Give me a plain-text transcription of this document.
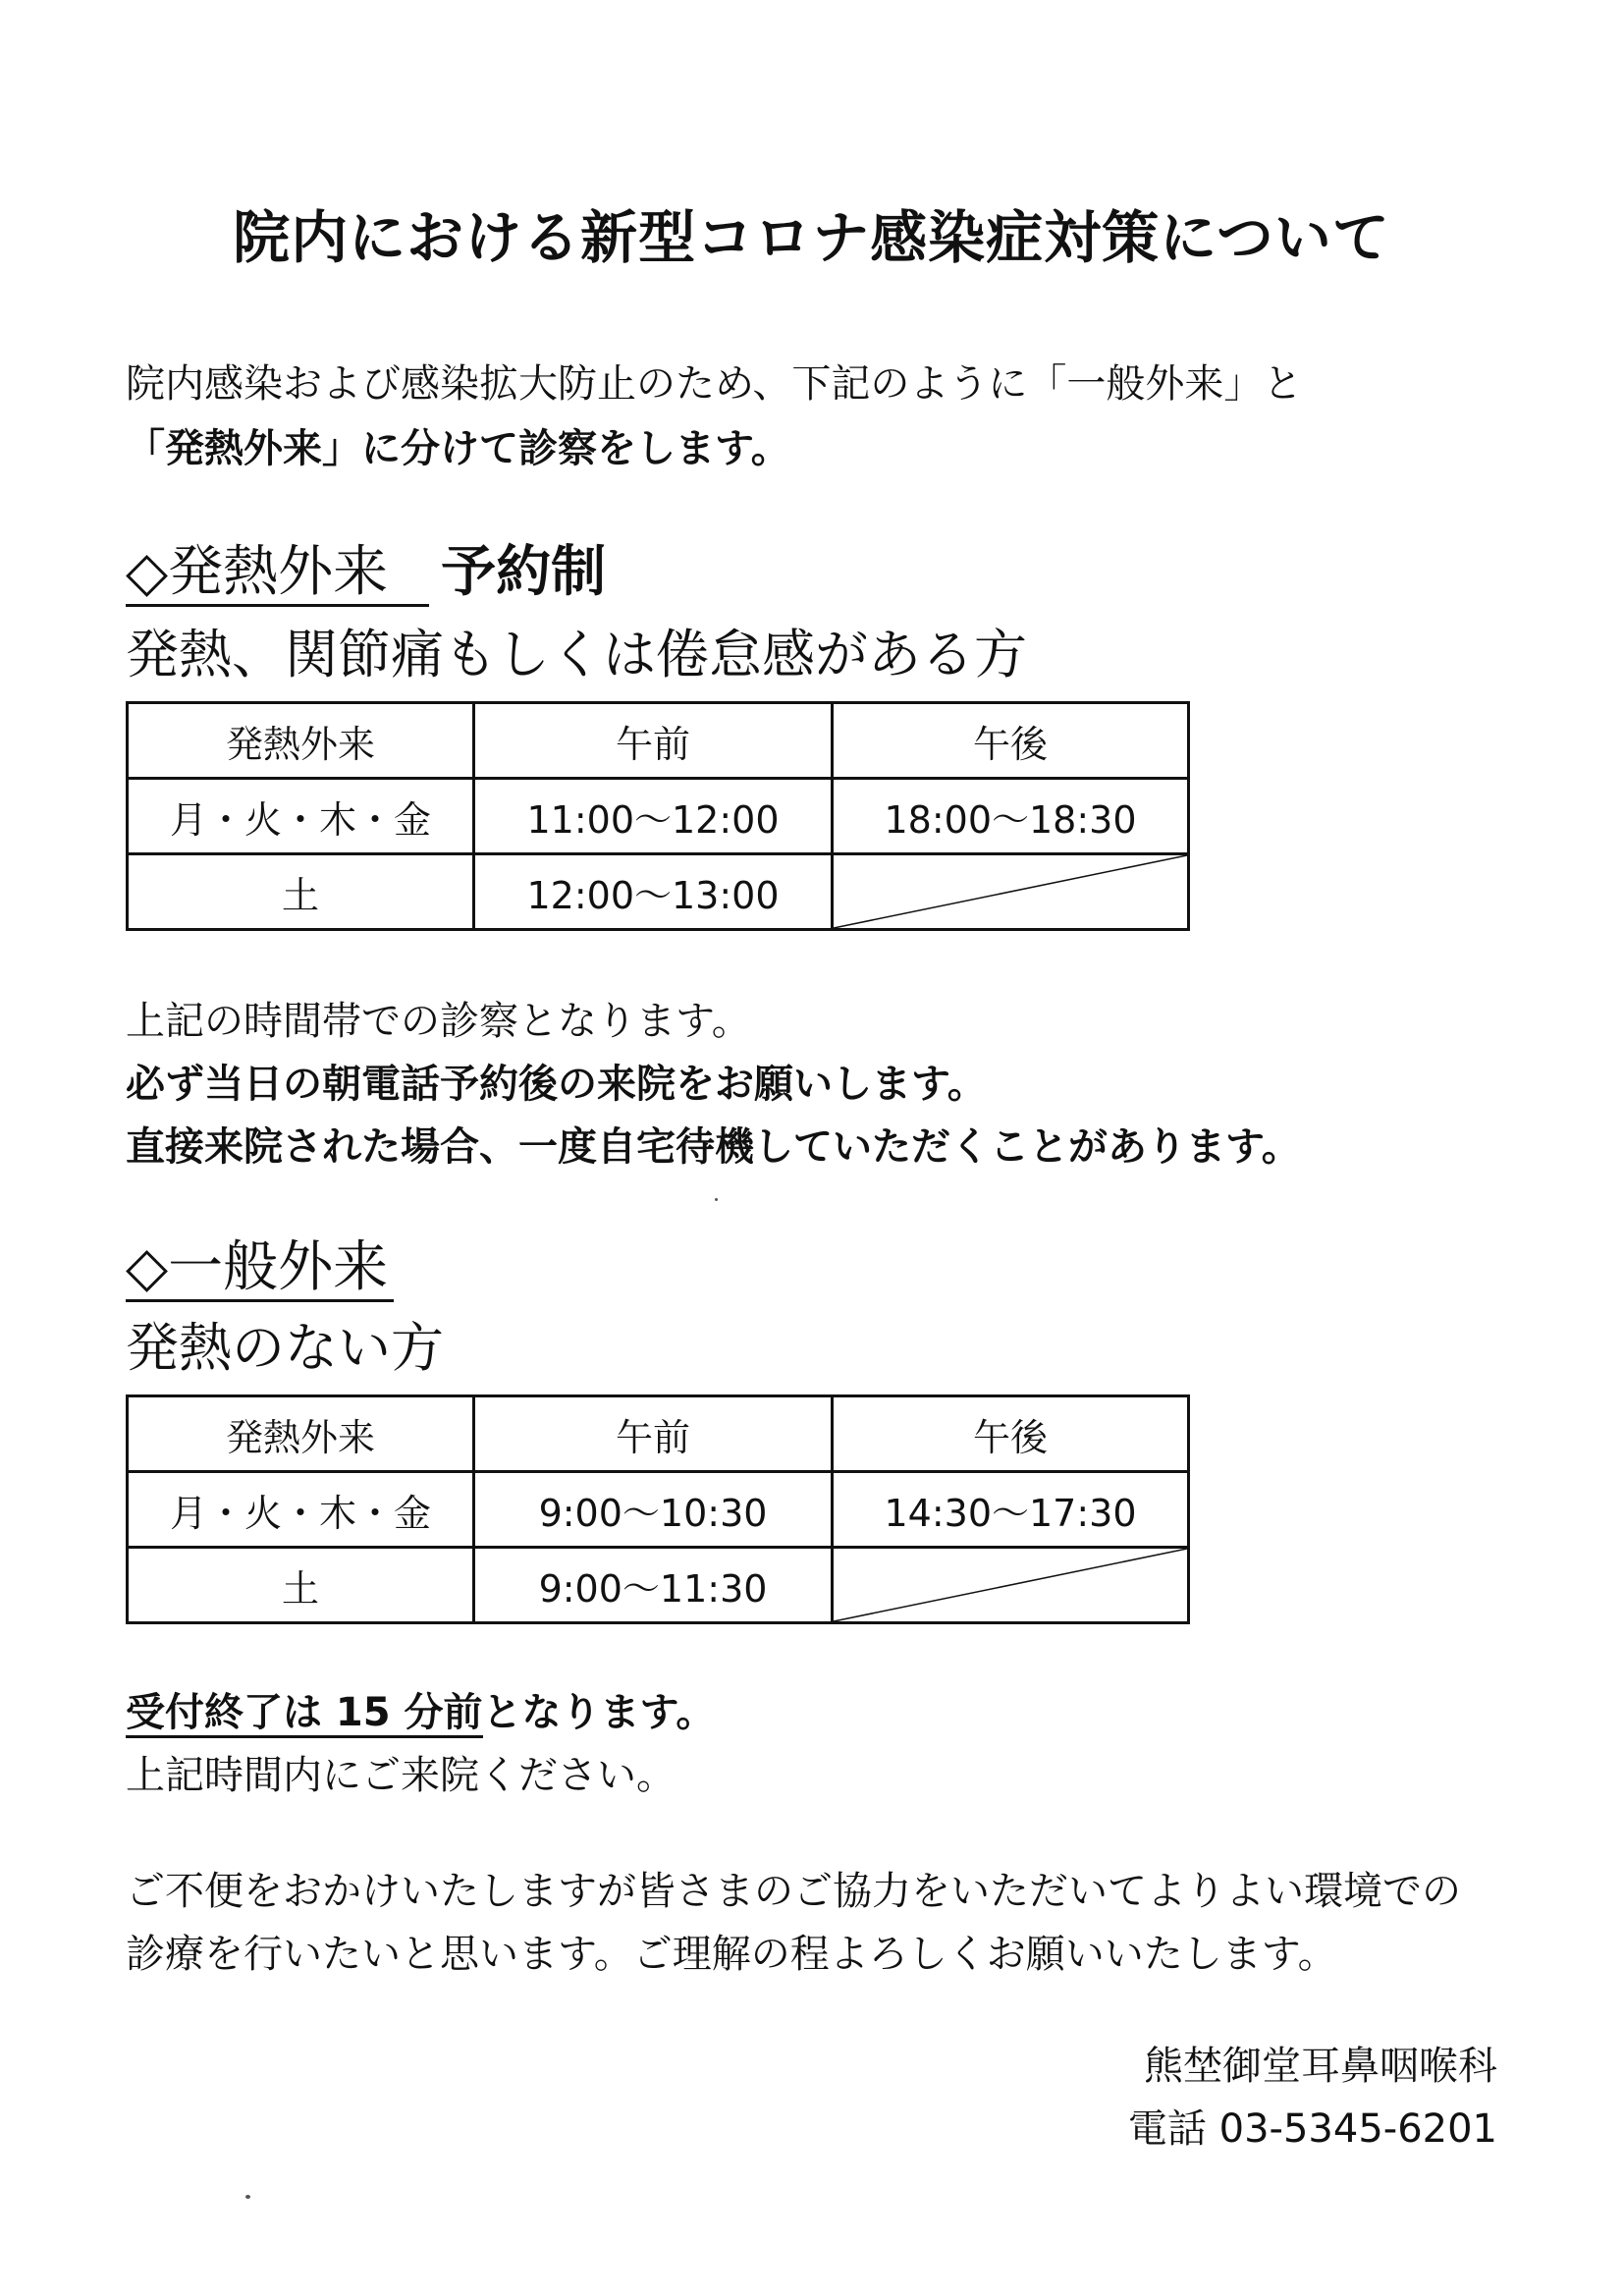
院内における新型コロナ感染症対策について
院内感染および感染拡大防止のため、下記のように「一般外来」と
「発熱外来」に分けて診察をします。
◇発熱外来 予約制
発熱、関節痛もしくは倦怠感がある方
発熱外来	午前	午後
月・火・木・金	11:00〜12:00	18:00〜18:30
土	12:00〜13:00	
上記の時間帯での診察となります。
必ず当日の朝電話予約後の来院をお願いします。
直接来院された場合、一度自宅待機していただくことがあります。
◇一般外来
発熱のない方
発熱外来	午前	午後
月・火・木・金	9:00〜10:30	14:30〜17:30
土	9:00〜11:30	
受付終了は 15 分前となります。
上記時間内にご来院ください。
ご不便をおかけいたしますが皆さまのご協力をいただいてよりよい環境での
診療を行いたいと思います。ご理解の程よろしくお願いいたします。
熊埜御堂耳鼻咽喉科
電話 03-5345-6201
